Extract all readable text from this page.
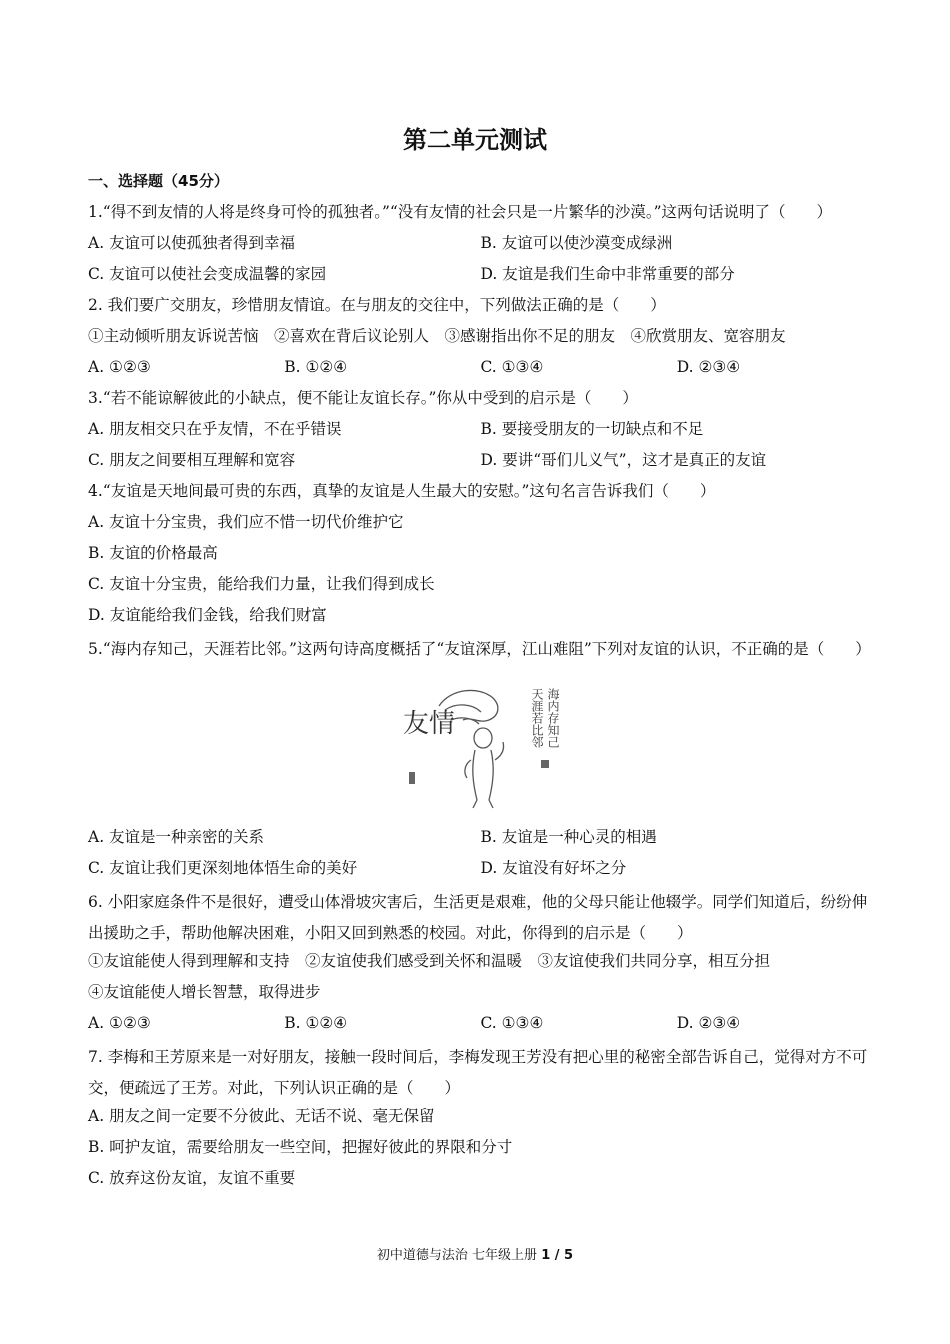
第二单元测试
一、选择题（45分）
1.“得不到友情的人将是终身可怜的孤独者。”“没有友情的社会只是一片繁华的沙漠。”这两句话说明了（　　）
A. 友谊可以使孤独者得到幸福	B. 友谊可以使沙漠变成绿洲
C. 友谊可以使社会变成温馨的家园	D. 友谊是我们生命中非常重要的部分
2. 我们要广交朋友，珍惜朋友情谊。在与朋友的交往中，下列做法正确的是（　　）
①主动倾听朋友诉说苦恼　②喜欢在背后议论别人　③感谢指出你不足的朋友　④欣赏朋友、宽容朋友
A. ①②③	B. ①②④	C. ①③④	D. ②③④
3.“若不能谅解彼此的小缺点，便不能让友谊长存。”你从中受到的启示是（　　）
A. 朋友相交只在乎友情，不在乎错误	B. 要接受朋友的一切缺点和不足
C. 朋友之间要相互理解和宽容	D. 要讲“哥们儿义气”，这才是真正的友谊
4.“友谊是天地间最可贵的东西，真挚的友谊是人生最大的安慰。”这句名言告诉我们（　　）
A. 友谊十分宝贵，我们应不惜一切代价维护它
B. 友谊的价格最高
C. 友谊十分宝贵，能给我们力量，让我们得到成长
D. 友谊能给我们金钱，给我们财富
5.“海内存知己，天涯若比邻。”这两句诗高度概括了“友谊深厚，江山难阻”下列对友谊的认识，不正确的是（　　）
友情	海内存知己
天涯若比邻
A. 友谊是一种亲密的关系	B. 友谊是一种心灵的相遇
C. 友谊让我们更深刻地体悟生命的美好	D. 友谊没有好坏之分
6. 小阳家庭条件不是很好，遭受山体滑坡灾害后，生活更是艰难，他的父母只能让他辍学。同学们知道后，纷纷伸出援助之手，帮助他解决困难，小阳又回到熟悉的校园。对此，你得到的启示是（　　）
①友谊能使人得到理解和支持　②友谊使我们感受到关怀和温暖　③友谊使我们共同分享，相互分担
④友谊能使人增长智慧，取得进步
A. ①②③	B. ①②④	C. ①③④	D. ②③④
7. 李梅和王芳原来是一对好朋友，接触一段时间后，李梅发现王芳没有把心里的秘密全部告诉自己，觉得对方不可交，便疏远了王芳。对此，下列认识正确的是（　　）
A. 朋友之间一定要不分彼此、无话不说、毫无保留
B. 呵护友谊，需要给朋友一些空间，把握好彼此的界限和分寸
C. 放弃这份友谊，友谊不重要
初中道德与法治 七年级上册 1 / 5
